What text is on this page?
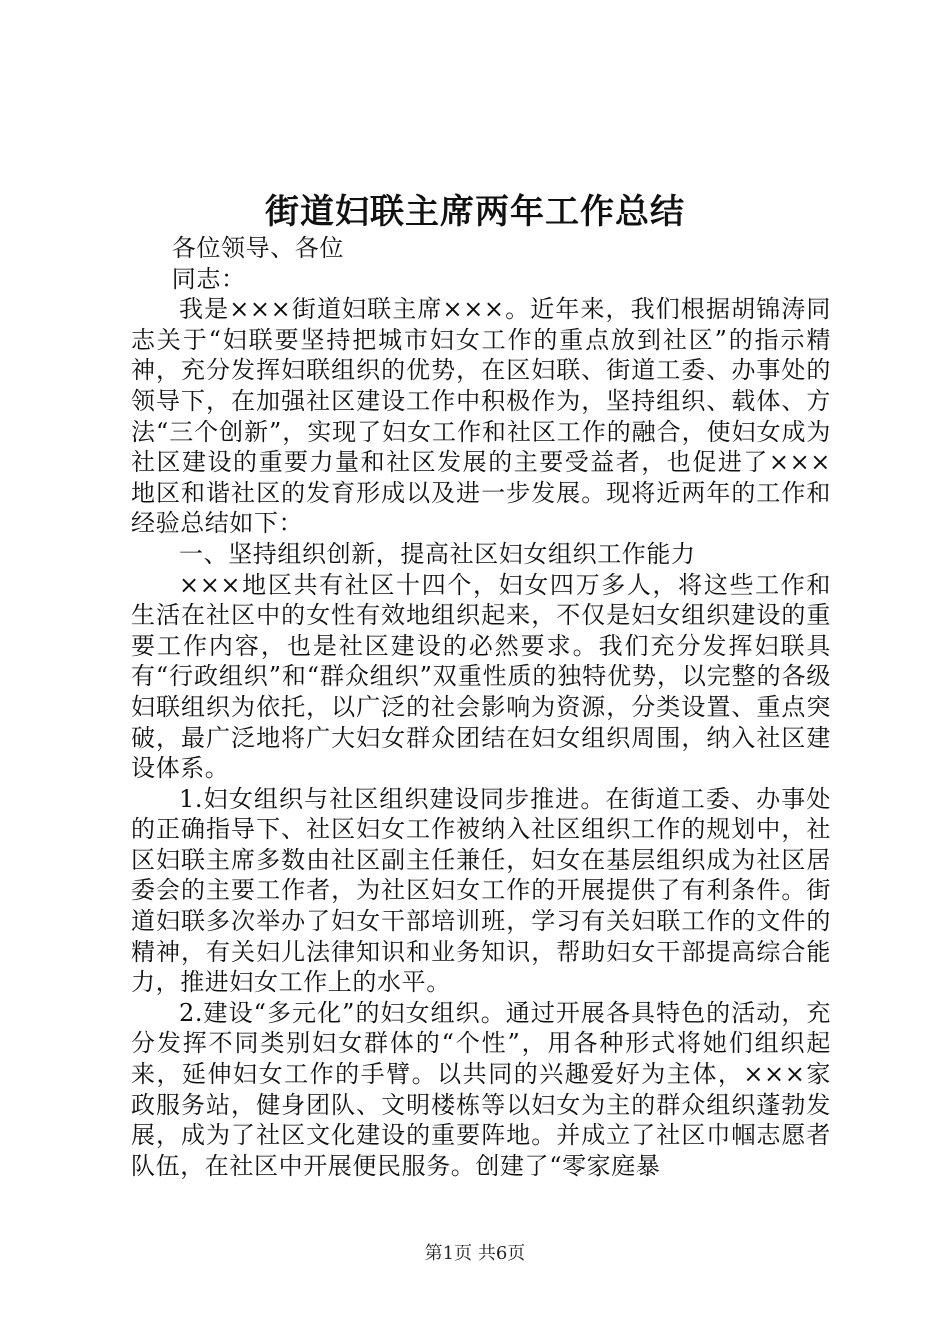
街道妇联主席两年工作总结

各位领导、各位

同志：

我是×××街道妇联主席×××。近年来，我们根据胡锦涛同志关于“妇联要坚持把城市妇女工作的重点放到社区”的指示精神，充分发挥妇联组织的优势，在区妇联、街道工委、办事处的领导下，在加强社区建设工作中积极作为，坚持组织、载体、方法“三个创新”，实现了妇女工作和社区工作的融合，使妇女成为社区建设的重要力量和社区发展的主要受益者，也促进了×××地区和谐社区的发育形成以及进一步发展。现将近两年的工作和经验总结如下：

一、坚持组织创新，提高社区妇女组织工作能力

×××地区共有社区十四个，妇女四万多人，将这些工作和生活在社区中的女性有效地组织起来，不仅是妇女组织建设的重要工作内容，也是社区建设的必然要求。我们充分发挥妇联具有“行政组织”和“群众组织”双重性质的独特优势，以完整的各级妇联组织为依托，以广泛的社会影响为资源，分类设置、重点突破，最广泛地将广大妇女群众团结在妇女组织周围，纳入社区建设体系。

1.妇女组织与社区组织建设同步推进。在街道工委、办事处的正确指导下、社区妇女工作被纳入社区组织工作的规划中，社区妇联主席多数由社区副主任兼任，妇女在基层组织成为社区居委会的主要工作者，为社区妇女工作的开展提供了有利条件。街道妇联多次举办了妇女干部培训班，学习有关妇联工作的文件的精神，有关妇儿法律知识和业务知识，帮助妇女干部提高综合能力，推进妇女工作上的水平。

2.建设“多元化”的妇女组织。通过开展各具特色的活动，充分发挥不同类别妇女群体的“个性”，用各种形式将她们组织起来，延伸妇女工作的手臂。以共同的兴趣爱好为主体，×××家政服务站，健身团队、文明楼栋等以妇女为主的群众组织蓬勃发展，成为了社区文化建设的重要阵地。并成立了社区巾帼志愿者队伍，在社区中开展便民服务。创建了“零家庭暴

第1页 共6页
